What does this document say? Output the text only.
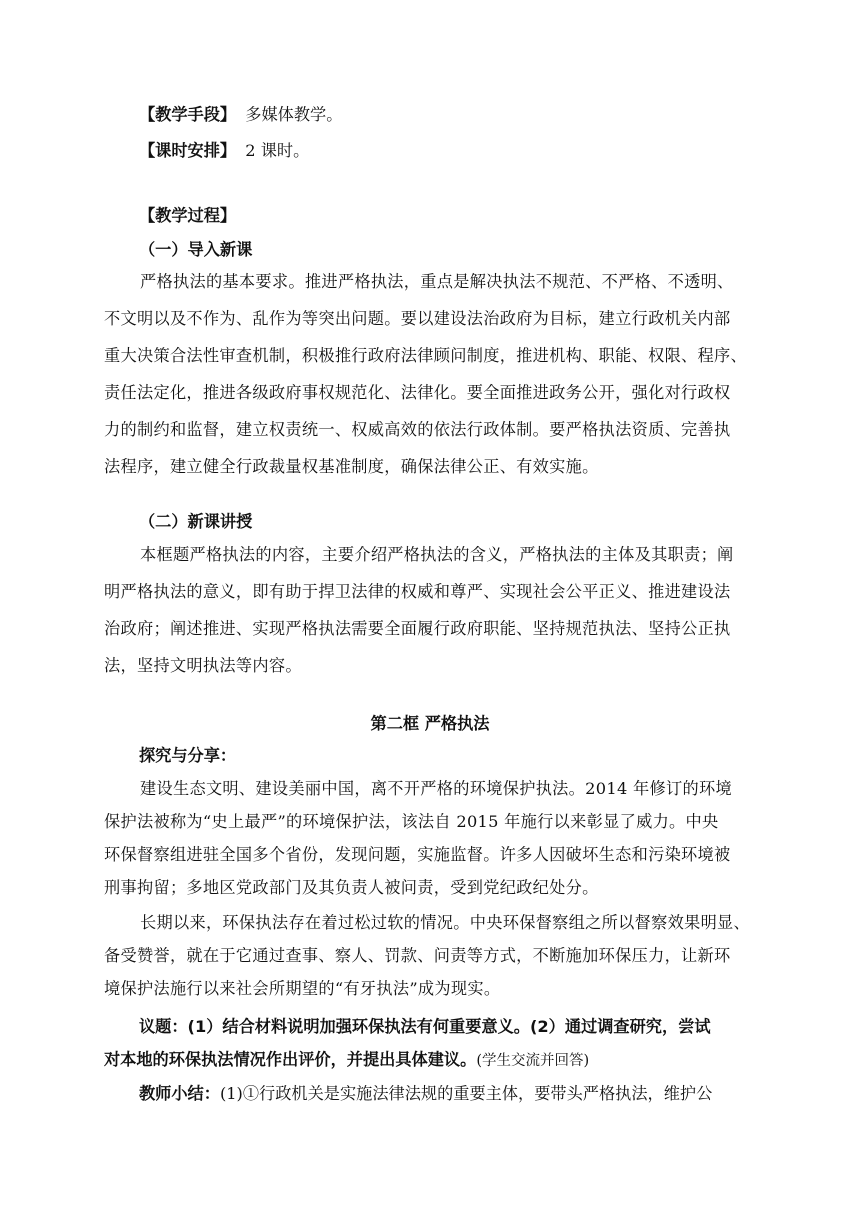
【教学手段】 多媒体教学。
【课时安排】 2 课时。
【教学过程】
（一）导入新课
严格执法的基本要求。推进严格执法，重点是解决执法不规范、不严格、不透明、
不文明以及不作为、乱作为等突出问题。要以建设法治政府为目标，建立行政机关内部
重大决策合法性审查机制，积极推行政府法律顾问制度，推进机构、职能、权限、程序、
责任法定化，推进各级政府事权规范化、法律化。要全面推进政务公开，强化对行政权
力的制约和监督，建立权责统一、权威高效的依法行政体制。要严格执法资质、完善执
法程序，建立健全行政裁量权基准制度，确保法律公正、有效实施。
（二）新课讲授
本框题严格执法的内容，主要介绍严格执法的含义，严格执法的主体及其职责；阐
明严格执法的意义，即有助于捍卫法律的权威和尊严、实现社会公平正义、推进建设法
治政府；阐述推进、实现严格执法需要全面履行政府职能、坚持规范执法、坚持公正执
法，坚持文明执法等内容。
第二框 严格执法
探究与分享：
建设生态文明、建设美丽中国，离不开严格的环境保护执法。2014 年修订的环境
保护法被称为“史上最严”的环境保护法，该法自 2015 年施行以来彰显了威力。中央
环保督察组进驻全国多个省份，发现问题，实施监督。许多人因破坏生态和污染环境被
刑事拘留；多地区党政部门及其负责人被问责，受到党纪政纪处分。
长期以来，环保执法存在着过松过软的情况。中央环保督察组之所以督察效果明显、
备受赞誉，就在于它通过查事、察人、罚款、问责等方式，不断施加环保压力，让新环
境保护法施行以来社会所期望的“有牙执法”成为现实。
议题：(1）结合材料说明加强环保执法有何重要意义。(2）通过调查研究，尝试
对本地的环保执法情况作出评价，并提出具体建议。(学生交流并回答)
教师小结：(1)①行政机关是实施法律法规的重要主体，要带头严格执法，维护公
